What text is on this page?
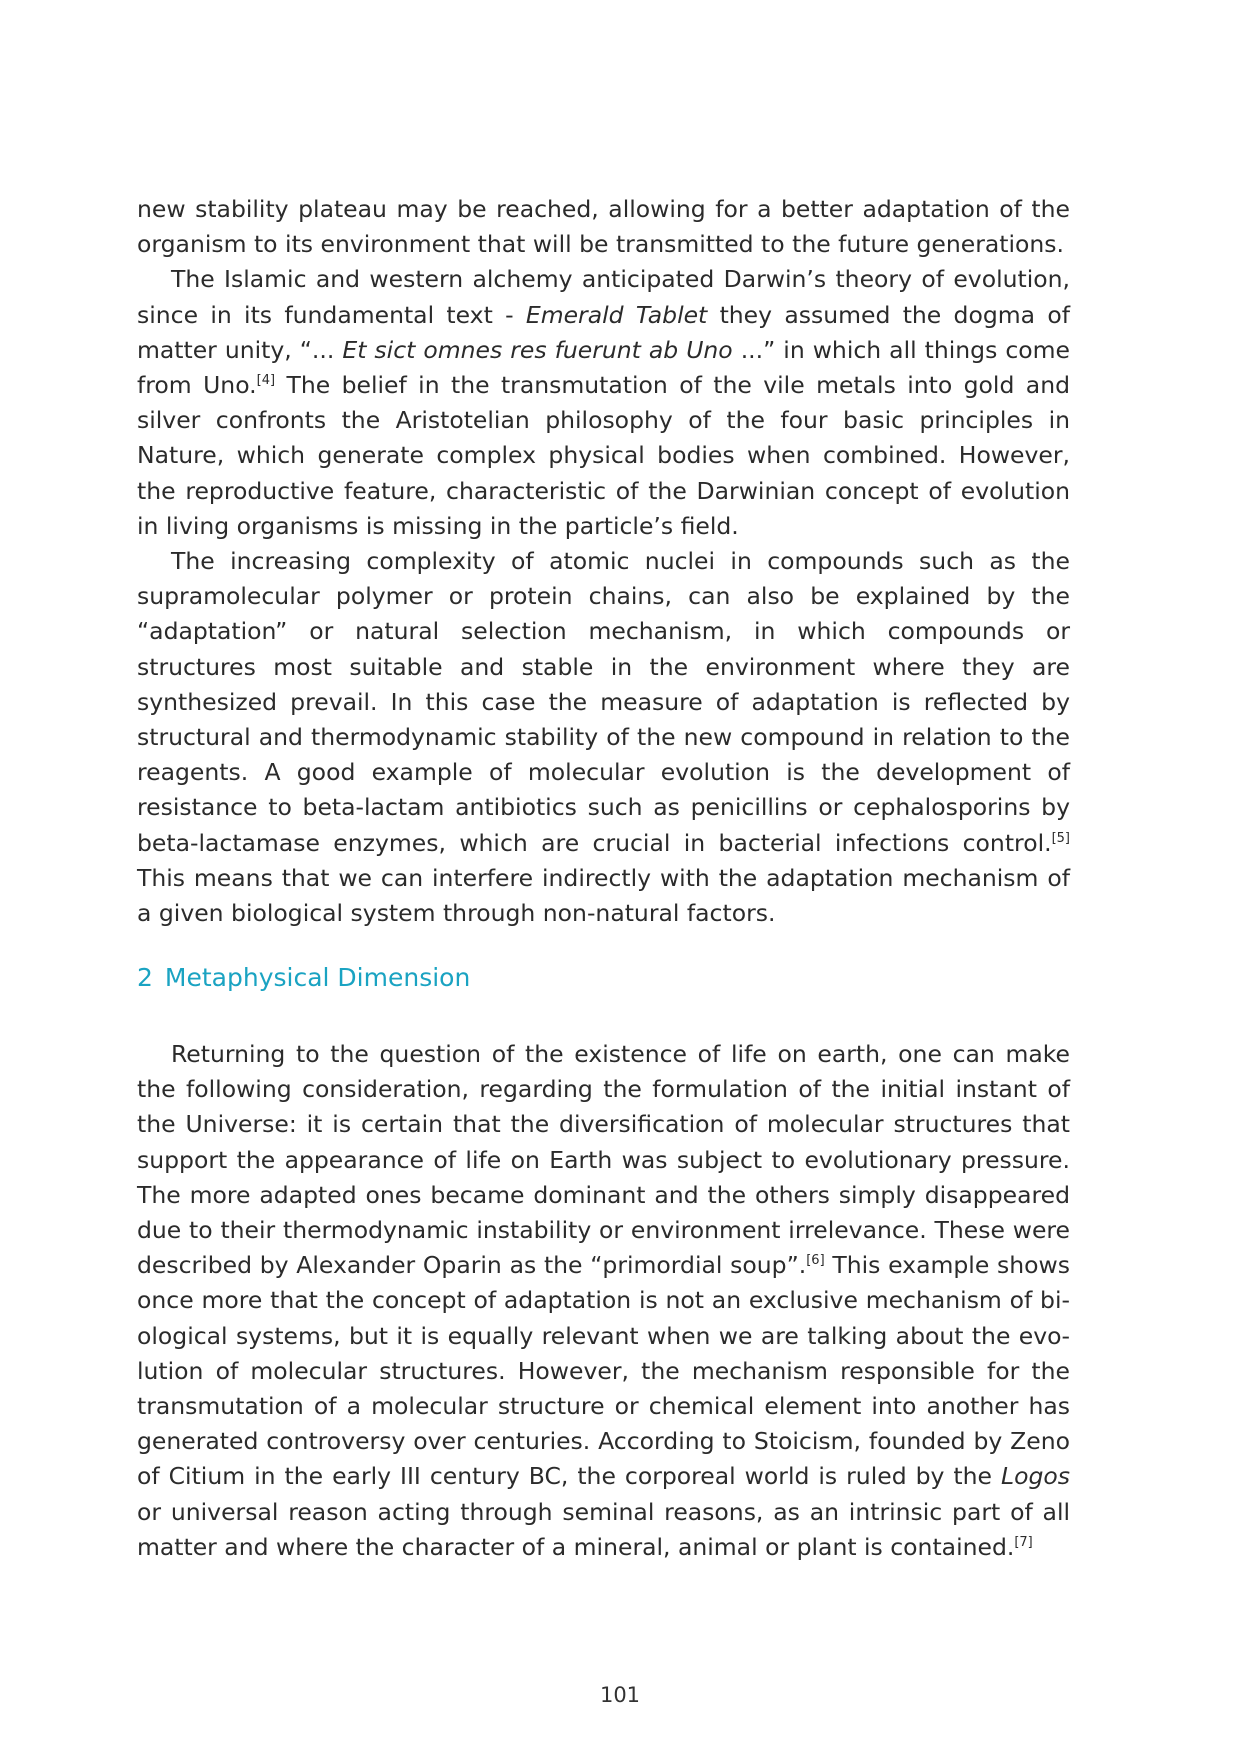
new stability plateau may be reached, allowing for a better adaptation of the organism to its environment that will be transmitted to the future generations.

The Islamic and western alchemy anticipated Darwin’s theory of evolution, since in its fundamental text - Emerald Tablet they assumed the dogma of matter unity, “... Et sict omnes res fuerunt ab Uno ...” in which all things come from Uno.[4] The belief in the transmutation of the vile metals into gold and silver confronts the Aristotelian philosophy of the four basic principles in Nature, which generate complex physical bodies when combined. However, the reproductive feature, characteristic of the Darwinian concept of evolution in living organisms is missing in the particle’s field.

The increasing complexity of atomic nuclei in compounds such as the supramolecular polymer or protein chains, can also be explained by the “adaptation” or natural selection mechanism, in which compounds or structures most suitable and stable in the environment where they are synthesized prevail. In this case the measure of adaptation is reflected by structural and thermodynamic stability of the new compound in relation to the reagents. A good example of molecular evolution is the development of resistance to beta-lactam antibiotics such as penicillins or cephalosporins by beta-lactamase enzymes, which are crucial in bacterial infections control.[5] This means that we can interfere indirectly with the adaptation mechanism of a given biological system through non-natural factors.

2 Metaphysical Dimension

Returning to the question of the existence of life on earth, one can make the following consideration, regarding the formulation of the initial instant of the Universe: it is certain that the diversification of molecular structures that support the appearance of life on Earth was subject to evolutionary pressure. The more adapted ones became dominant and the others simply disappeared due to their thermodynamic instability or environment irrelevance. These were described by Alexander Oparin as the “primordial soup”.[6] This example shows once more that the concept of adaptation is not an exclusive mechanism of biological systems, but it is equally relevant when we are talking about the evolution of molecular structures. However, the mechanism responsible for the transmutation of a molecular structure or chemical element into another has generated controversy over centuries. According to Stoicism, founded by Zeno of Citium in the early III century BC, the corporeal world is ruled by the Logos or universal reason acting through seminal reasons, as an intrinsic part of all matter and where the character of a mineral, animal or plant is contained.[7]

101
